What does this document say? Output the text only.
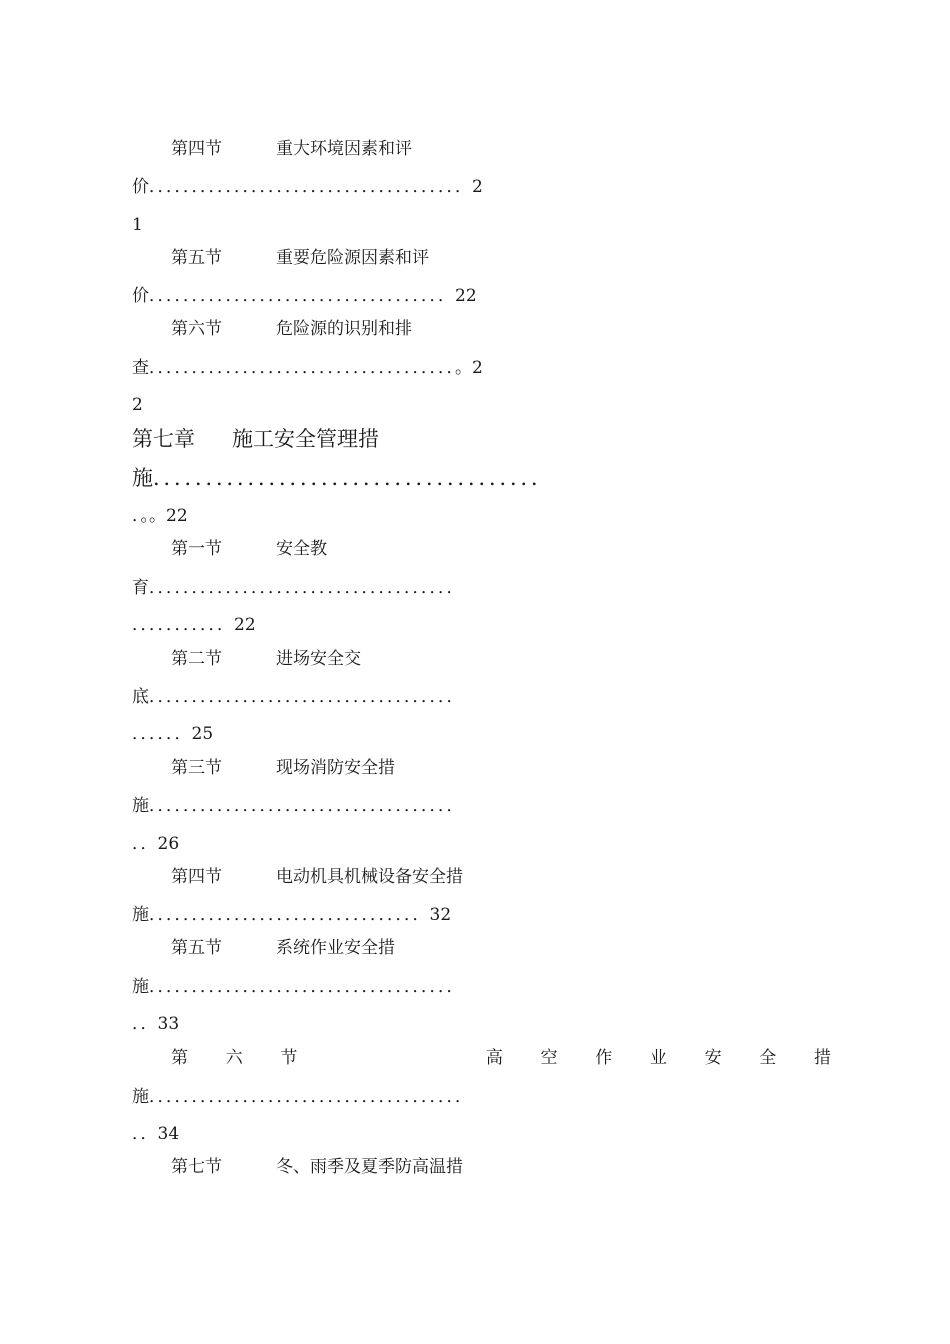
第四节	重大环境因素和评
价．．．．．．．．．．．．．．．．．．．．．．．．．．．．．．．．．．．．．2
1
第五节	重要危险源因素和评
价．．．．．．．．．．．．．．．．．．．．．．．．．．．．．．．．．．．22
第六节	危险源的识别和排
查．．．．．．．．．．．．．．．．．．．．．．．．．．．．．．．．．．．．。2
2
第七章 施工安全管理措
施．．．．．．．．．．．．．．．．．．．．．．．．．．．．．．．．．．．．．
．。。22
第一节	安全教
育．．．．．．．．．．．．．．．．．．．．．．．．．．．．．．．．．．．．
．．．．．．．．．．．22
第二节	进场安全交
底．．．．．．．．．．．．．．．．．．．．．．．．．．．．．．．．．．．．
．．．．．．25
第三节	现场消防安全措
施．．．．．．．．．．．．．．．．．．．．．．．．．．．．．．．．．．．．
．．26
第四节	电动机具机械设备安全措
施．．．．．．．．．．．．．．．．．．．．．．．．．．．．．．．．32
第五节	系统作业安全措
施．．．．．．．．．．．．．．．．．．．．．．．．．．．．．．．．．．．．
．．33
第 六 节	高 空 作 业 安 全 措
施．．．．．．．．．．．．．．．．．．．．．．．．．．．．．．．．．．．．．
．．34
第七节	冬、雨季及夏季防高温措
